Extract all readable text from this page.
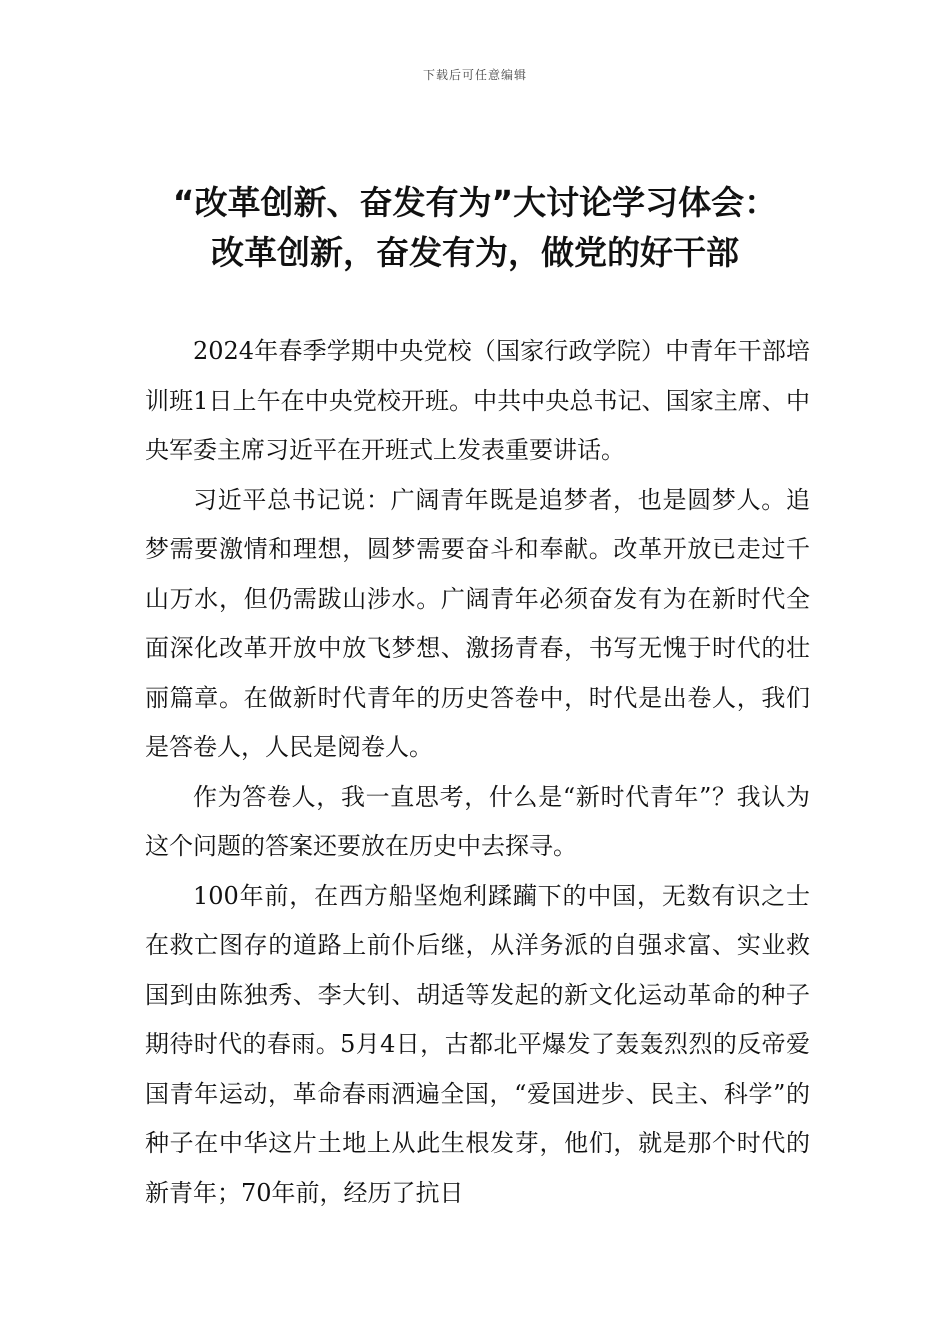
下载后可任意编辑
“改革创新、奋发有为”大讨论学习体会：
改革创新，奋发有为，做党的好干部

2024年春季学期中央党校（国家行政学院）中青年干部培训班1日上午在中央党校开班。中共中央总书记、国家主席、中央军委主席习近平在开班式上发表重要讲话。

习近平总书记说：广阔青年既是追梦者，也是圆梦人。追梦需要激情和理想，圆梦需要奋斗和奉献。改革开放已走过千山万水，但仍需跋山涉水。广阔青年必须奋发有为在新时代全面深化改革开放中放飞梦想、激扬青春，书写无愧于时代的壮丽篇章。在做新时代青年的历史答卷中，时代是出卷人，我们是答卷人，人民是阅卷人。

作为答卷人，我一直思考，什么是“新时代青年”？我认为这个问题的答案还要放在历史中去探寻。

100年前，在西方船坚炮利蹂躏下的中国，无数有识之士在救亡图存的道路上前仆后继，从洋务派的自强求富、实业救国到由陈独秀、李大钊、胡适等发起的新文化运动革命的种子期待时代的春雨。5月4日，古都北平爆发了轰轰烈烈的反帝爱国青年运动，革命春雨洒遍全国，“爱国进步、民主、科学”的种子在中华这片土地上从此生根发芽，他们，就是那个时代的新青年；70年前，经历了抗日
